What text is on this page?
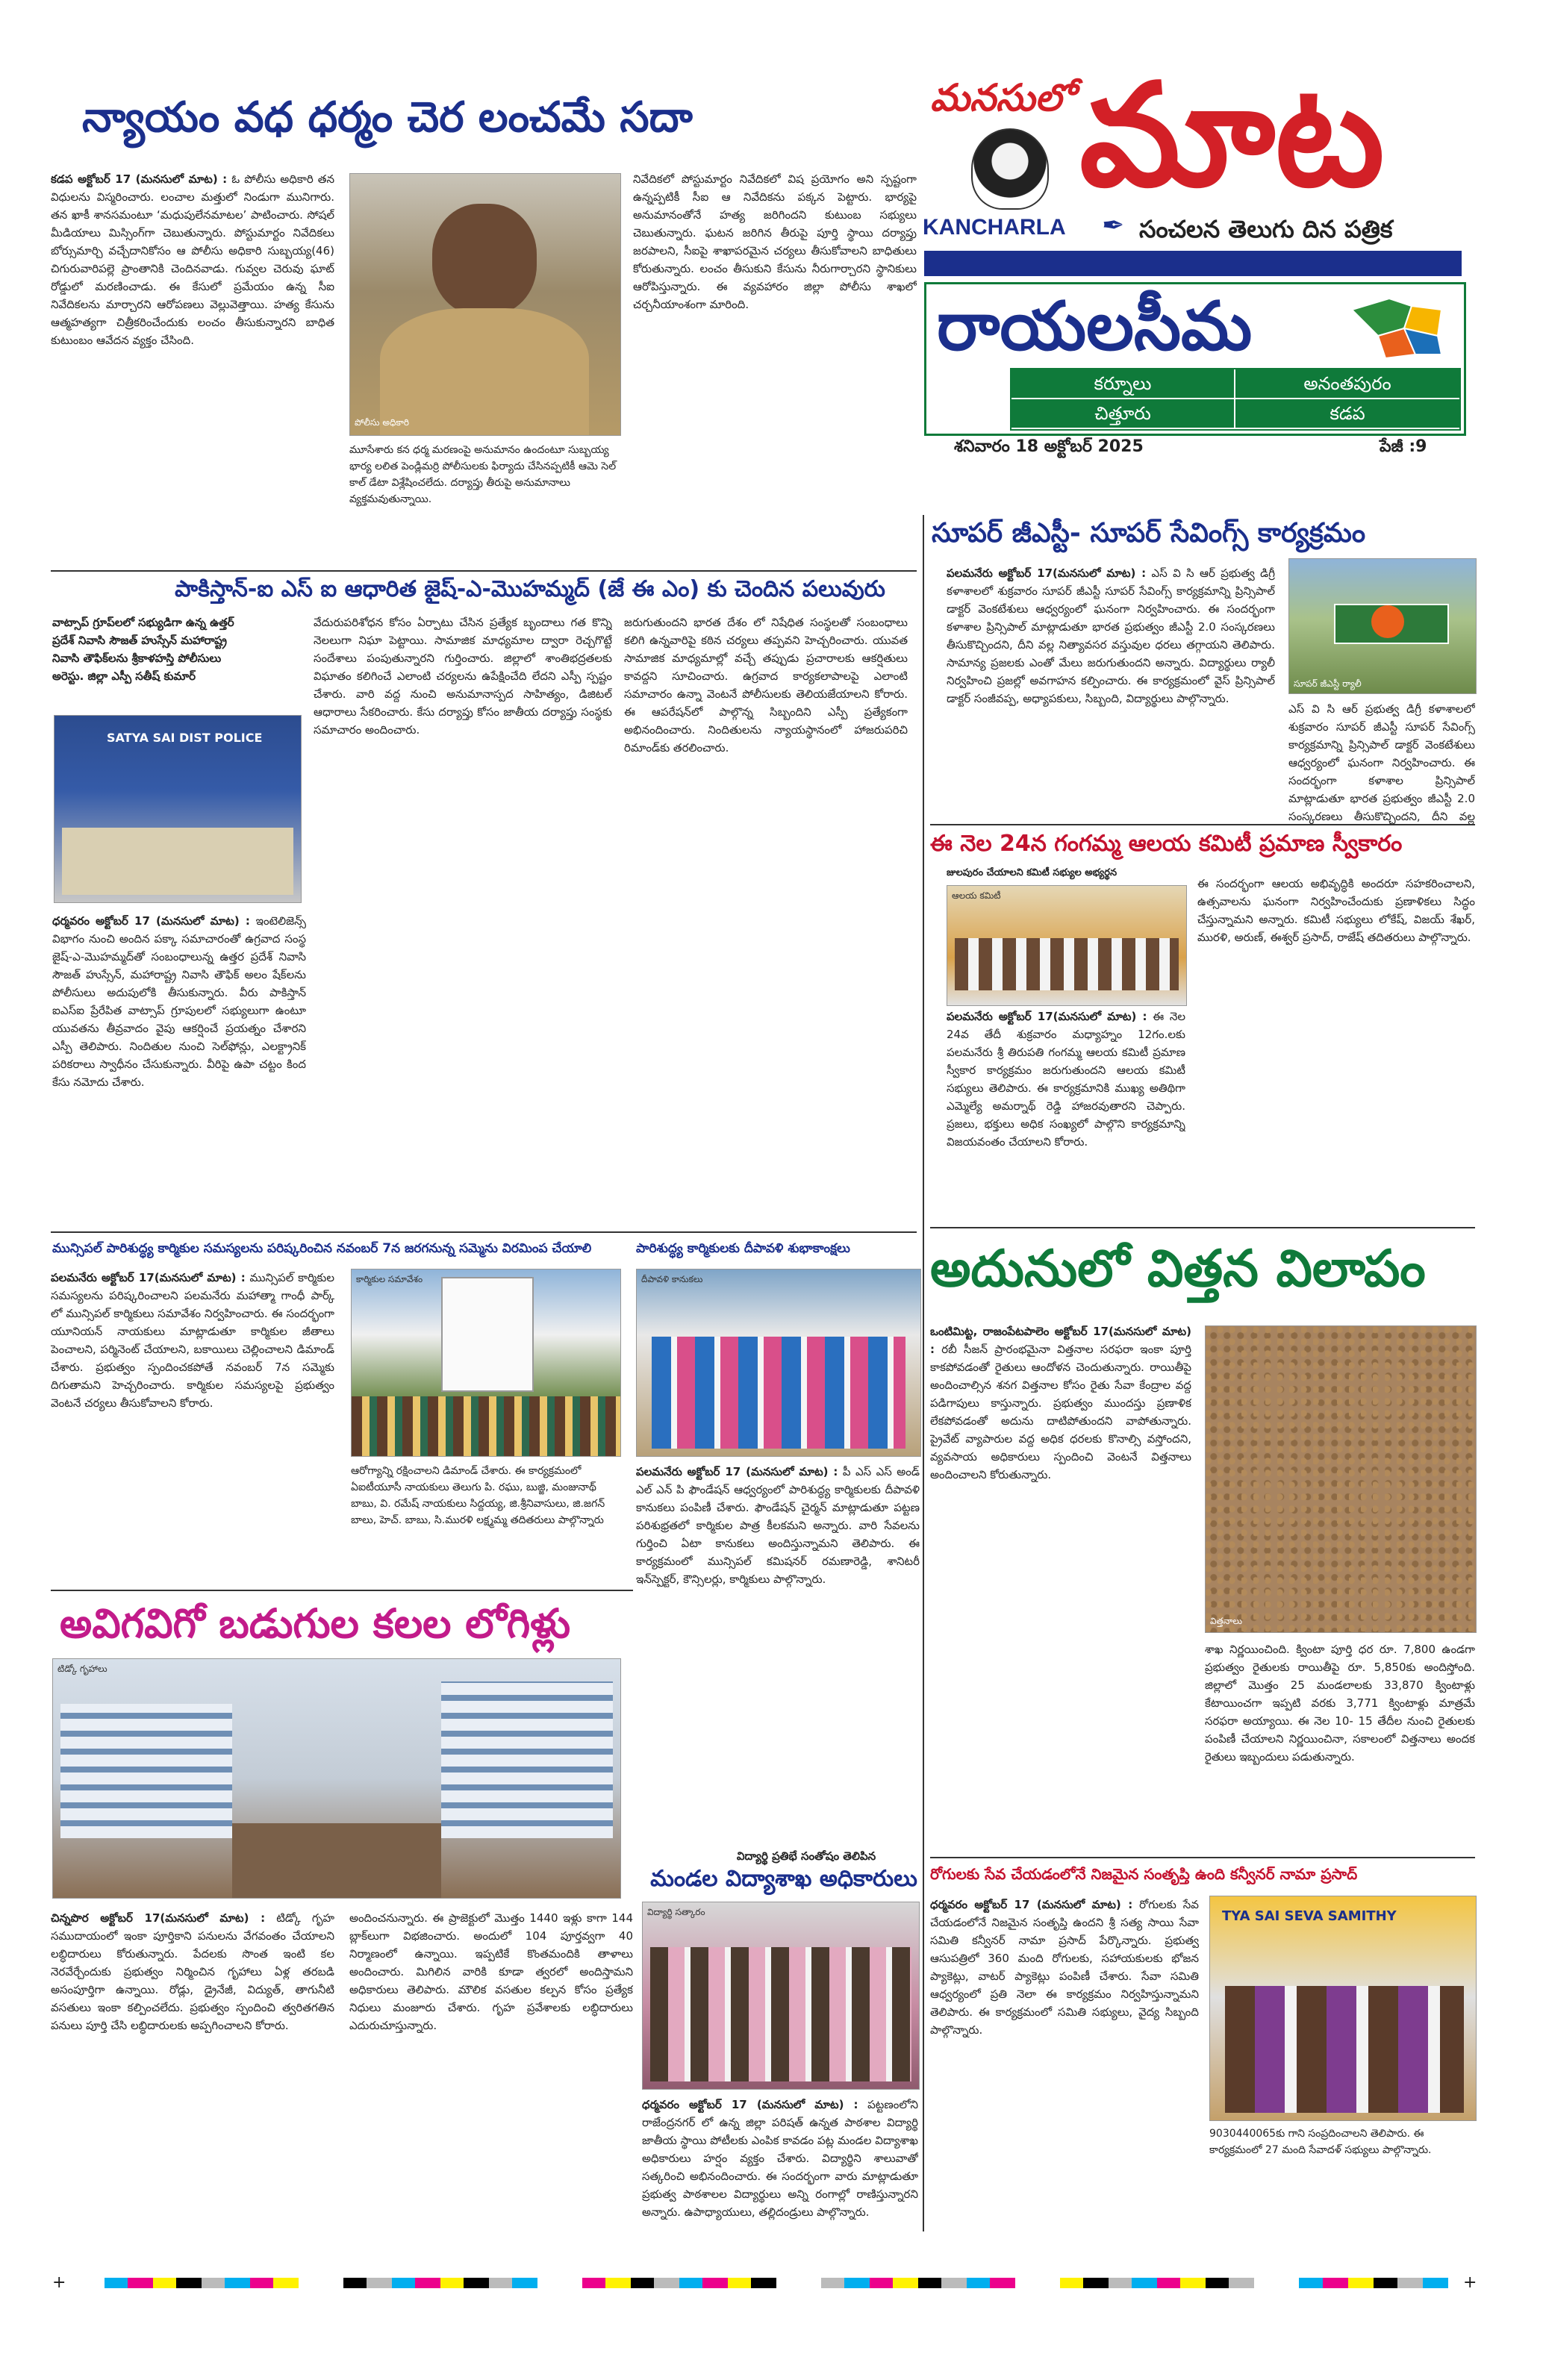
మనసులో మాట
KANCHARLA ✒ సంచలన తెలుగు దిన పత్రిక
రాయలసీమ
కర్నూలు	అనంతపురం
చిత్తూరు	కడప
శనివారం 18 అక్టోబర్ 2025	పేజీ :9
న్యాయం వధ ధర్మం చెర లంచమే సదా
కడప అక్టోబర్ 17 (మనసులో మాట) : ఓ పోలీసు అధికారి తన విధులను విస్మరించారు. లంచాల మత్తులో నిండుగా మునిగారు. తన ఖాకీ శానసమంటూ ‘మధుపులేనమాటల’ పాటించారు. సోషల్ మీడియాలు మిస్సింగ్‌గా చెబుతున్నారు. పోస్టుమార్టం నివేదికలు బోర్సుమార్చి వచ్చేదానికోసం ఆ పోలీసు అధికారి సుబ్బయ్య(46) చిగురువారిపల్లె ప్రాంతానికి చెందినవాడు. గువ్వల చెరువు ఘాట్ రోడ్డులో మరణించాడు. ఈ కేసులో ప్రమేయం ఉన్న సీఐ నివేదికలను మార్చారని ఆరోపణలు వెల్లువెత్తాయి. హత్య కేసును ఆత్మహత్యగా చిత్రీకరించేందుకు లంచం తీసుకున్నారని బాధిత కుటుంబం ఆవేదన వ్యక్తం చేసింది.
పోలీసు అధికారి
మూసేశారు కన ధర్మ మరణంపై అనుమానం ఉందంటూ సుబ్బయ్య భార్య లలిత పెండ్లిమర్రి పోలీసులకు ఫిర్యాదు చేసినప్పటికీ ఆమె సెల్ కాల్ డేటా విశ్లేషించలేదు. దర్యాప్తు తీరుపై అనుమానాలు వ్యక్తమవుతున్నాయి.
నివేదికలో పోస్టుమార్టం నివేదికలో విష ప్రయోగం అని స్పష్టంగా ఉన్నప్పటికీ సీఐ ఆ నివేదికను పక్కన పెట్టారు. భార్యపై అనుమానంతోనే హత్య జరిగిందని కుటుంబ సభ్యులు చెబుతున్నారు. ఘటన జరిగిన తీరుపై పూర్తి స్థాయి దర్యాప్తు జరపాలని, సీఐపై శాఖాపరమైన చర్యలు తీసుకోవాలని బాధితులు కోరుతున్నారు. లంచం తీసుకుని కేసును నీరుగార్చారని స్థానికులు ఆరోపిస్తున్నారు. ఈ వ్యవహారం జిల్లా పోలీసు శాఖలో చర్చనీయాంశంగా మారింది.
సూపర్ జీఎస్టీ- సూపర్ సేవింగ్స్ కార్యక్రమం
పలమనేరు అక్టోబర్ 17(మనసులో మాట) : ఎస్ వి సి ఆర్ ప్రభుత్వ డిగ్రీ కళాశాలలో శుక్రవారం సూపర్ జీఎస్టీ సూపర్ సేవింగ్స్ కార్యక్రమాన్ని ప్రిన్సిపాల్ డాక్టర్ వెంకటేశులు ఆధ్వర్యంలో ఘనంగా నిర్వహించారు. ఈ సందర్భంగా కళాశాల ప్రిన్సిపాల్ మాట్లాడుతూ భారత ప్రభుత్వం జీఎస్టీ 2.0 సంస్కరణలు తీసుకొచ్చిందని, దీని వల్ల నిత్యావసర వస్తువుల ధరలు తగ్గాయని తెలిపారు. సామాన్య ప్రజలకు ఎంతో మేలు జరుగుతుందని అన్నారు. విద్యార్థులు ర్యాలీ నిర్వహించి ప్రజల్లో అవగాహన కల్పించారు. ఈ కార్యక్రమంలో వైస్ ప్రిన్సిపాల్ డాక్టర్ సంజీవప్ప, అధ్యాపకులు, సిబ్బంది, విద్యార్థులు పాల్గొన్నారు.
సూపర్ జీఎస్టీ ర్యాలీ
ఎస్ వి సి ఆర్ ప్రభుత్వ డిగ్రీ కళాశాలలో శుక్రవారం సూపర్ జీఎస్టీ సూపర్ సేవింగ్స్ కార్యక్రమాన్ని ప్రిన్సిపాల్ డాక్టర్ వెంకటేశులు ఆధ్వర్యంలో ఘనంగా నిర్వహించారు. ఈ సందర్భంగా కళాశాల ప్రిన్సిపాల్ మాట్లాడుతూ భారత ప్రభుత్వం జీఎస్టీ 2.0 సంస్కరణలు తీసుకొచ్చిందని, దీని వల్ల
పాకిస్తాన్-ఐ ఎస్ ఐ ఆధారిత జైష్-ఎ-మొహమ్మద్ (జే ఈ ఎం) కు చెందిన పలువురు
వాట్సాప్ గ్రూప్‌లలో సభ్యుడిగా ఉన్న ఉత్తర్ ప్రదేశ్ నివాసి సౌజత్ హుస్సేన్ మహారాష్ట్ర నివాసి తౌఫిక్‌లను శ్రీకాళహస్తి పోలీసులు అరెస్టు. జిల్లా ఎస్పీ సతీష్ కుమార్
SATYA SAI DIST POLICE
ధర్మవరం అక్టోబర్ 17 (మనసులో మాట) : ఇంటెలిజెన్స్ విభాగం నుంచి అందిన పక్కా సమాచారంతో ఉగ్రవాద సంస్థ జైష్-ఎ-మొహమ్మద్‌తో సంబంధాలున్న ఉత్తర ప్రదేశ్ నివాసి సౌజత్ హుస్సేన్, మహారాష్ట్ర నివాసి తౌఫిక్ అలం షేక్‌లను పోలీసులు అదుపులోకి తీసుకున్నారు. వీరు పాకిస్తాన్ ఐఎస్ఐ ప్రేరేపిత వాట్సాప్ గ్రూపులలో సభ్యులుగా ఉంటూ యువతను తీవ్రవాదం వైపు ఆకర్షించే ప్రయత్నం చేశారని ఎస్పీ తెలిపారు. నిందితుల నుంచి సెల్‌ఫోన్లు, ఎలక్ట్రానిక్ పరికరాలు స్వాధీనం చేసుకున్నారు. వీరిపై ఉపా చట్టం కింద కేసు నమోదు చేశారు.
వేదురుపరిశోధన కోసం ఏర్పాటు చేసిన ప్రత్యేక బృందాలు గత కొన్ని నెలలుగా నిఘా పెట్టాయి. సామాజిక మాధ్యమాల ద్వారా రెచ్చగొట్టే సందేశాలు పంపుతున్నారని గుర్తించారు. జిల్లాలో శాంతిభద్రతలకు విఘాతం కలిగించే ఎలాంటి చర్యలను ఉపేక్షించేది లేదని ఎస్పీ స్పష్టం చేశారు. వారి వద్ద నుంచి అనుమానాస్పద సాహిత్యం, డిజిటల్ ఆధారాలు సేకరించారు. కేసు దర్యాప్తు కోసం జాతీయ దర్యాప్తు సంస్థకు సమాచారం అందించారు.
జరుగుతుందని భారత దేశం లో నిషేధిత సంస్థలతో సంబంధాలు కలిగి ఉన్నవారిపై కఠిన చర్యలు తప్పవని హెచ్చరించారు. యువత సామాజిక మాధ్యమాల్లో వచ్చే తప్పుడు ప్రచారాలకు ఆకర్షితులు కావద్దని సూచించారు. ఉగ్రవాద కార్యకలాపాలపై ఎలాంటి సమాచారం ఉన్నా వెంటనే పోలీసులకు తెలియజేయాలని కోరారు. ఈ ఆపరేషన్‌లో పాల్గొన్న సిబ్బందిని ఎస్పీ ప్రత్యేకంగా అభినందించారు. నిందితులను న్యాయస్థానంలో హాజరుపరిచి రిమాండ్‌కు తరలించారు.
ఈ నెల 24న గంగమ్మ ఆలయ కమిటీ ప్రమాణ స్వీకారం
జులపురం చేయాలని కమిటీ సభ్యుల అభ్యర్థన
ఆలయ కమిటీ
పలమనేరు అక్టోబర్ 17(మనసులో మాట) : ఈ నెల 24వ తేదీ శుక్రవారం మధ్యాహ్నం 12గం.లకు పలమనేరు శ్రీ తిరుపతి గంగమ్మ ఆలయ కమిటీ ప్రమాణ స్వీకార కార్యక్రమం జరుగుతుందని ఆలయ కమిటీ సభ్యులు తెలిపారు. ఈ కార్యక్రమానికి ముఖ్య అతిథిగా ఎమ్మెల్యే అమర్నాథ్ రెడ్డి హాజరవుతారని చెప్పారు. ప్రజలు, భక్తులు అధిక సంఖ్యలో పాల్గొని కార్యక్రమాన్ని విజయవంతం చేయాలని కోరారు.
ఈ సందర్భంగా ఆలయ అభివృద్ధికి అందరూ సహకరించాలని, ఉత్సవాలను ఘనంగా నిర్వహించేందుకు ప్రణాళికలు సిద్ధం చేస్తున్నామని అన్నారు. కమిటీ సభ్యులు లోకేష్, విజయ్ శేఖర్, మురళి, అరుణ్, ఈశ్వర్ ప్రసాద్, రాజేష్ తదితరులు పాల్గొన్నారు.
మున్సిపల్ పారిశుద్ధ్య కార్మికుల సమస్యలను పరిష్కరించిన నవంబర్ 7న జరగనున్న సమ్మెను విరమింప చేయాలి
పలమనేరు అక్టోబర్ 17(మనసులో మాట) : మున్సిపల్ కార్మికుల సమస్యలను పరిష్కరించాలని పలమనేరు మహాత్మా గాంధీ పార్క్ లో మున్సిపల్ కార్మికులు సమావేశం నిర్వహించారు. ఈ సందర్భంగా యూనియన్ నాయకులు మాట్లాడుతూ కార్మికుల జీతాలు పెంచాలని, పర్మినెంట్ చేయాలని, బకాయిలు చెల్లించాలని డిమాండ్ చేశారు. ప్రభుత్వం స్పందించకపోతే నవంబర్ 7న సమ్మెకు దిగుతామని హెచ్చరించారు. కార్మికుల సమస్యలపై ప్రభుత్వం వెంటనే చర్యలు తీసుకోవాలని కోరారు.
కార్మికుల సమావేశం
ఆరోగ్యాన్ని రక్షించాలని డిమాండ్ చేశారు. ఈ కార్యక్రమంలో ఏఐటీయూసీ నాయకులు తెలుగు పి. రఘు, బుజ్జి, మంజునాథ్ బాబు, వి. రమేష్ నాయకులు సిద్దయ్య, జి.శ్రీనివాసులు, జి.జగన్ బాలు, హెచ్. బాబు, సి.మురళి లక్ష్మమ్మ తదితరులు పాల్గొన్నారు
పారిశుద్ధ్య కార్మికులకు దీపావళి శుభాకాంక్షలు
దీపావళి కానుకలు
పలమనేరు అక్టోబర్ 17 (మనసులో మాట) : పీ ఎస్ ఎస్ అండ్ ఎల్ ఎన్ పి ఫౌండేషన్ ఆధ్వర్యంలో పారిశుద్ధ్య కార్మికులకు దీపావళి కానుకలు పంపిణీ చేశారు. ఫౌండేషన్ చైర్మన్ మాట్లాడుతూ పట్టణ పరిశుభ్రతలో కార్మికుల పాత్ర కీలకమని అన్నారు. వారి సేవలను గుర్తించి ఏటా కానుకలు అందిస్తున్నామని తెలిపారు. ఈ కార్యక్రమంలో మున్సిపల్ కమిషనర్ రమణారెడ్డి, శానిటరీ ఇన్‌స్పెక్టర్, కౌన్సిలర్లు, కార్మికులు పాల్గొన్నారు.
అదునులో విత్తన విలాపం
ఒంటిమిట్ట, రాజంపేటపాలెం అక్టోబర్ 17(మనసులో మాట) : రబీ సీజన్ ప్రారంభమైనా విత్తనాల సరఫరా ఇంకా పూర్తి కాకపోవడంతో రైతులు ఆందోళన చెందుతున్నారు. రాయితీపై అందించాల్సిన శనగ విత్తనాల కోసం రైతు సేవా కేంద్రాల వద్ద పడిగాపులు కాస్తున్నారు. ప్రభుత్వం ముందస్తు ప్రణాళిక లేకపోవడంతో అదును దాటిపోతుందని వాపోతున్నారు. ప్రైవేట్ వ్యాపారుల వద్ద అధిక ధరలకు కొనాల్సి వస్తోందని, వ్యవసాయ అధికారులు స్పందించి వెంటనే విత్తనాలు అందించాలని కోరుతున్నారు.
విత్తనాలు
శాఖ నిర్ణయించింది. క్వింటా పూర్తి ధర రూ. 7,800 ఉండగా ప్రభుత్వం రైతులకు రాయితీపై రూ. 5,850కు అందిస్తోంది. జిల్లాలో మొత్తం 25 మండలాలకు 33,870 క్వింటాళ్లు కేటాయించగా ఇప్పటి వరకు 3,771 క్వింటాళ్లు మాత్రమే సరఫరా అయ్యాయి. ఈ నెల 10- 15 తేదీల నుంచి రైతులకు పంపిణీ చేయాలని నిర్ణయించినా, సకాలంలో విత్తనాలు అందక రైతులు ఇబ్బందులు పడుతున్నారు.
అవిగవిగో బడుగుల కలల లోగిళ్లు
టిడ్కో గృహాలు
చిన్నపొర అక్టోబర్ 17(మనసులో మాట) : టిడ్కో గృహ సముదాయంలో ఇంకా పూర్తికాని పనులను వేగవంతం చేయాలని లబ్ధిదారులు కోరుతున్నారు. పేదలకు సొంత ఇంటి కల నెరవేర్చేందుకు ప్రభుత్వం నిర్మించిన గృహాలు ఏళ్ల తరబడి అసంపూర్తిగా ఉన్నాయి. రోడ్లు, డ్రైనేజీ, విద్యుత్, తాగునీటి వసతులు ఇంకా కల్పించలేదు. ప్రభుత్వం స్పందించి త్వరితగతిన పనులు పూర్తి చేసి లబ్ధిదారులకు అప్పగించాలని కోరారు.
అందించనున్నారు. ఈ ప్రాజెక్టులో మొత్తం 1440 ఇళ్లు కాగా 144 బ్లాక్‌లుగా విభజించారు. అందులో 104 పూర్తవ్వగా 40 నిర్మాణంలో ఉన్నాయి. ఇప్పటికే కొంతమందికి తాళాలు అందించారు. మిగిలిన వారికి కూడా త్వరలో అందిస్తామని అధికారులు తెలిపారు. మౌలిక వసతుల కల్పన కోసం ప్రత్యేక నిధులు మంజూరు చేశారు. గృహ ప్రవేశాలకు లబ్ధిదారులు ఎదురుచూస్తున్నారు.
విద్యార్థి ప్రతిభే సంతోషం తెలిపిన
మండల విద్యాశాఖ అధికారులు
విద్యార్థి సత్కారం
ధర్మవరం అక్టోబర్ 17 (మనసులో మాట) : పట్టణంలోని రాజేంద్రనగర్ లో ఉన్న జిల్లా పరిషత్ ఉన్నత పాఠశాల విద్యార్థి జాతీయ స్థాయి పోటీలకు ఎంపిక కావడం పట్ల మండల విద్యాశాఖ అధికారులు హర్షం వ్యక్తం చేశారు. విద్యార్థిని శాలువాతో సత్కరించి అభినందించారు. ఈ సందర్భంగా వారు మాట్లాడుతూ ప్రభుత్వ పాఠశాలల విద్యార్థులు అన్ని రంగాల్లో రాణిస్తున్నారని అన్నారు. ఉపాధ్యాయులు, తల్లిదండ్రులు పాల్గొన్నారు.
రోగులకు సేవ చేయడంలోనే నిజమైన సంతృప్తి ఉంది కన్వీనర్ నామా ప్రసాద్
ధర్మవరం అక్టోబర్ 17 (మనసులో మాట) : రోగులకు సేవ చేయడంలోనే నిజమైన సంతృప్తి ఉందని శ్రీ సత్య సాయి సేవా సమితి కన్వీనర్ నామా ప్రసాద్ పేర్కొన్నారు. ప్రభుత్వ ఆసుపత్రిలో 360 మంది రోగులకు, సహాయకులకు భోజన ప్యాకెట్లు, వాటర్ ప్యాకెట్లు పంపిణీ చేశారు. సేవా సమితి ఆధ్వర్యంలో ప్రతి నెలా ఈ కార్యక్రమం నిర్వహిస్తున్నామని తెలిపారు. ఈ కార్యక్రమంలో సమితి సభ్యులు, వైద్య సిబ్బంది పాల్గొన్నారు.
TYA SAI SEVA SAMITHY
9030440065కు గాని సంప్రదించాలని తెలిపారు. ఈ కార్యక్రమంలో 27 మంది సేవాదళ్ సభ్యులు పాల్గొన్నారు.
+	+
